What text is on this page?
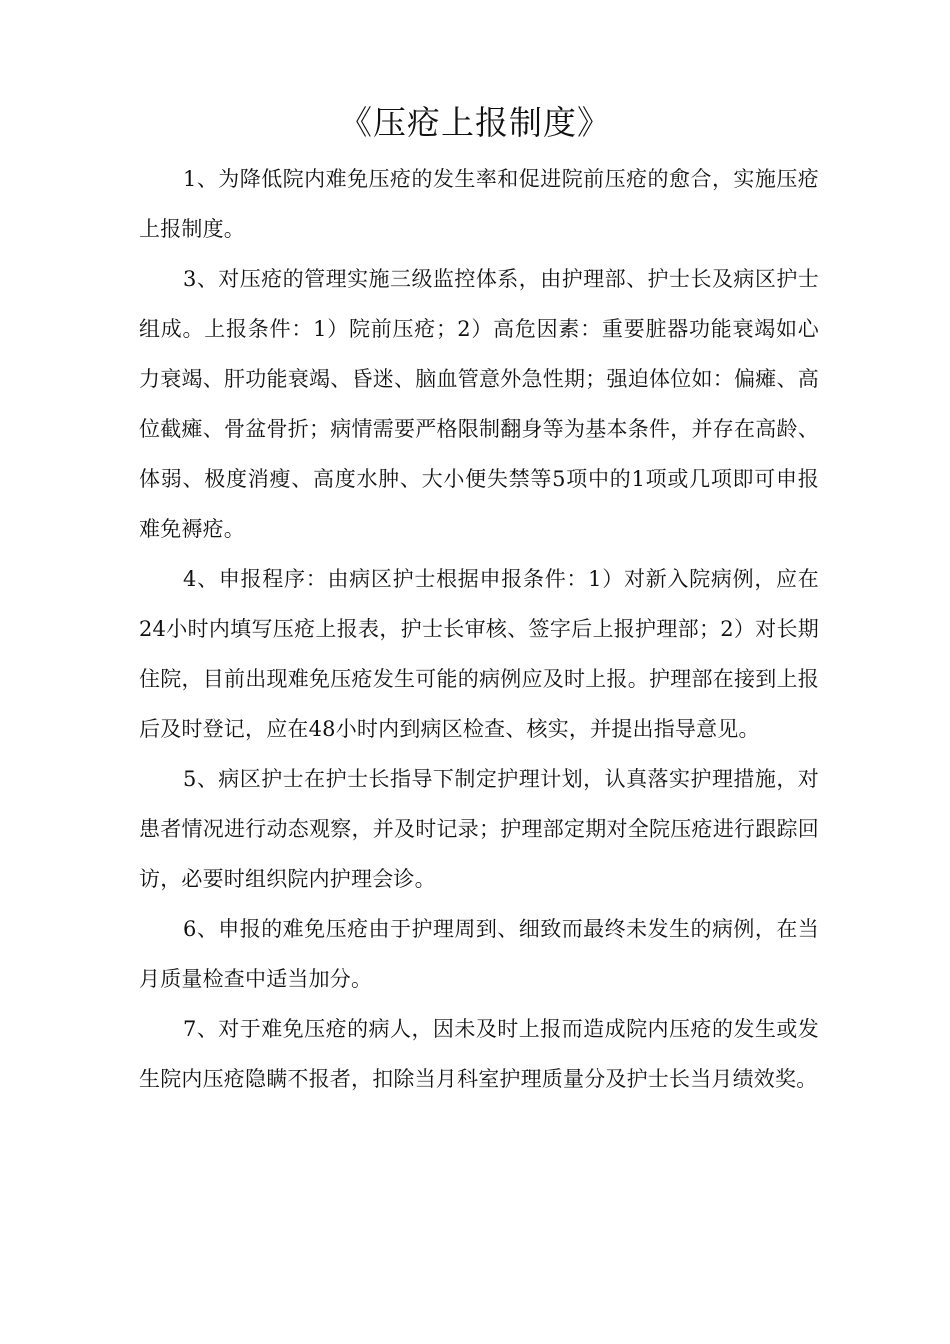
《压疮上报制度》

1、为降低院内难免压疮的发生率和促进院前压疮的愈合，实施压疮上报制度。

3、对压疮的管理实施三级监控体系，由护理部、护士长及病区护士组成。上报条件：1）院前压疮；2）高危因素：重要脏器功能衰竭如心力衰竭、肝功能衰竭、昏迷、脑血管意外急性期；强迫体位如：偏瘫、高位截瘫、骨盆骨折；病情需要严格限制翻身等为基本条件，并存在高龄、体弱、极度消瘦、高度水肿、大小便失禁等5项中的1项或几项即可申报难免褥疮。

4、申报程序：由病区护士根据申报条件：1）对新入院病例，应在24小时内填写压疮上报表，护士长审核、签字后上报护理部；2）对长期住院，目前出现难免压疮发生可能的病例应及时上报。护理部在接到上报后及时登记，应在48小时内到病区检查、核实，并提出指导意见。

5、病区护士在护士长指导下制定护理计划，认真落实护理措施，对患者情况进行动态观察，并及时记录；护理部定期对全院压疮进行跟踪回访，必要时组织院内护理会诊。

6、申报的难免压疮由于护理周到、细致而最终未发生的病例，在当月质量检查中适当加分。

7、对于难免压疮的病人，因未及时上报而造成院内压疮的发生或发生院内压疮隐瞒不报者，扣除当月科室护理质量分及护士长当月绩效奖。
